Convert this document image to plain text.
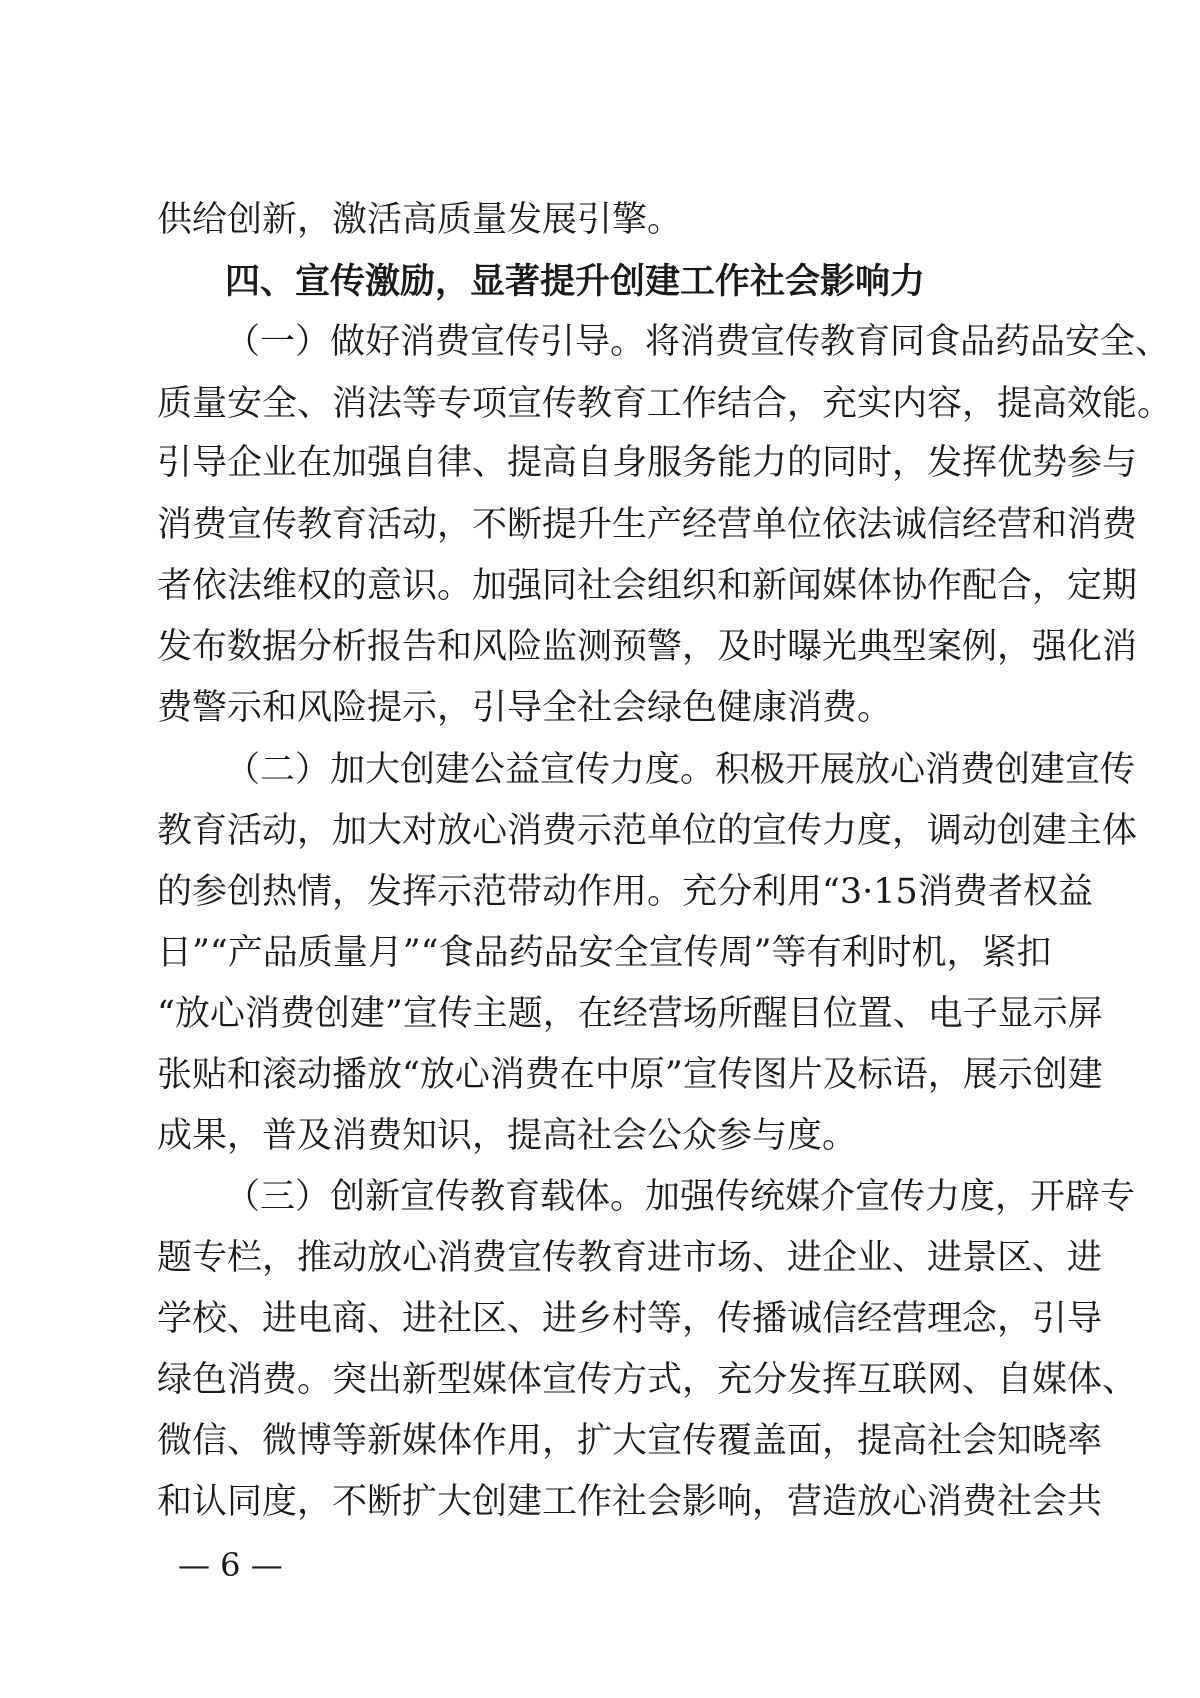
供给创新，激活高质量发展引擎。
四、宣传激励，显著提升创建工作社会影响力
（一）做好消费宣传引导。将消费宣传教育同食品药品安全、
质量安全、消法等专项宣传教育工作结合，充实内容，提高效能。
引导企业在加强自律、提高自身服务能力的同时，发挥优势参与
消费宣传教育活动，不断提升生产经营单位依法诚信经营和消费
者依法维权的意识。加强同社会组织和新闻媒体协作配合，定期
发布数据分析报告和风险监测预警，及时曝光典型案例，强化消
费警示和风险提示，引导全社会绿色健康消费。
（二）加大创建公益宣传力度。积极开展放心消费创建宣传
教育活动，加大对放心消费示范单位的宣传力度，调动创建主体
的参创热情，发挥示范带动作用。充分利用“3·15消费者权益
日”“产品质量月”“食品药品安全宣传周”等有利时机，紧扣
“放心消费创建”宣传主题，在经营场所醒目位置、电子显示屏
张贴和滚动播放“放心消费在中原”宣传图片及标语，展示创建
成果，普及消费知识，提高社会公众参与度。
（三）创新宣传教育载体。加强传统媒介宣传力度，开辟专
题专栏，推动放心消费宣传教育进市场、进企业、进景区、进
学校、进电商、进社区、进乡村等，传播诚信经营理念，引导
绿色消费。突出新型媒体宣传方式，充分发挥互联网、自媒体、
微信、微博等新媒体作用，扩大宣传覆盖面，提高社会知晓率
和认同度，不断扩大创建工作社会影响，营造放心消费社会共
— 6 —
